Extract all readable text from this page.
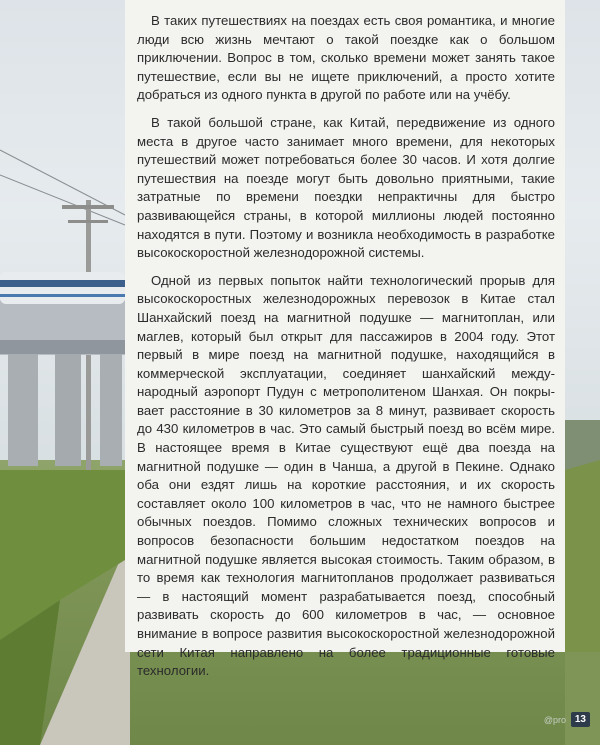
В таких путешествиях на поездах есть своя романтика, и многие люди всю жизнь мечтают о такой поездке как о большом приключении. Вопрос в том, сколько времени может занять такое путешествие, если вы не ищете приключений, а просто хотите добраться из одного пункта в другой по работе или на учёбу.

В такой большой стране, как Китай, передвижение из одного места в другое часто занимает много времени, для некоторых путешествий может потребоваться более 30 часов. И хотя долгие путешествия на поезде могут быть довольно приятными, такие затратные по времени поездки непрактичны для быстро развивающейся страны, в которой миллионы людей постоянно находятся в пути. Поэтому и возникла необходимость в разработке высокоскоростной железнодорожной системы.

Одной из первых попыток найти технологический прорыв для высокоскоростных железнодорожных перевозок в Китае стал Шанхайский поезд на магнитной подушке — магнитоплан, или маглев, который был открыт для пассажиров в 2004 году. Этот первый в мире поезд на магнитной подушке, находящийся в коммерческой эксплуатации, соединяет шанхайский международный аэропорт Пудун с метрополитеном Шанхая. Он покрывает расстояние в 30 километров за 8 минут, развивает скорость до 430 километров в час. Это самый быстрый поезд во всём мире. В настоящее время в Китае существуют ещё два поезда на магнитной подушке — один в Чанша, а другой в Пекине. Однако оба они ездят лишь на короткие расстояния, и их скорость составляет около 100 километров в час, что не намного быстрее обычных поездов. Помимо сложных технических вопросов и вопросов безопасности большим недостатком поездов на магнитной подушке является высокая стоимость. Таким образом, в то время как технология магнитопланов продолжает развиваться — в настоящий момент разрабатывается поезд, способный развивать скорость до 600 километров в час, — основное внимание в вопросе развития высокоскоростной железнодорожной сети Китая направлено на более традиционные готовые технологии.

@pro 13
